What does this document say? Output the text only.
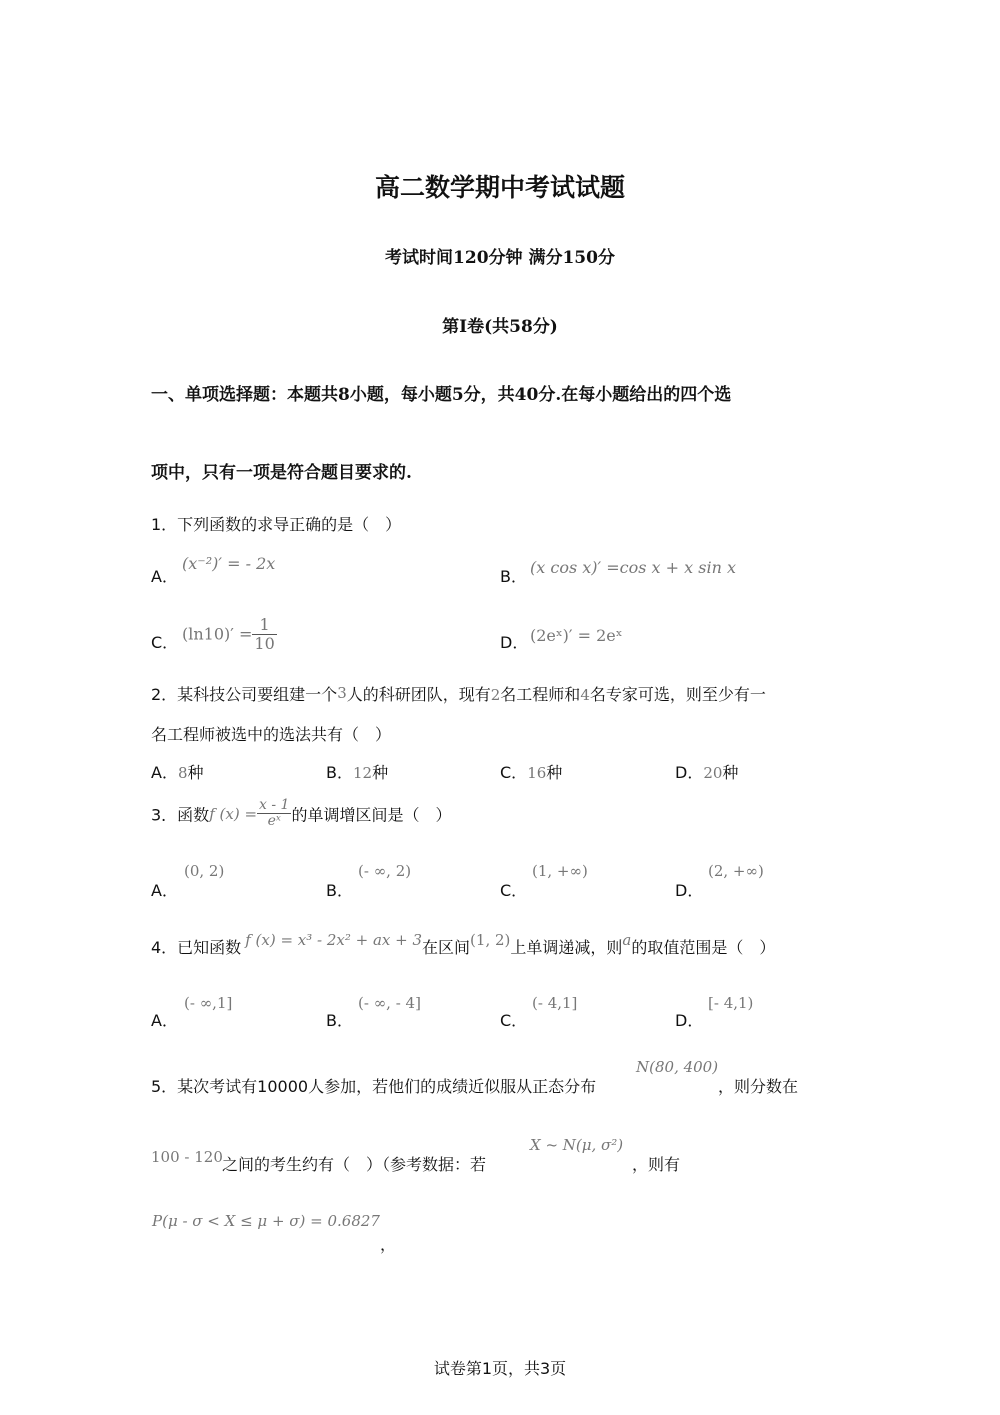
高二数学期中考试试题
考试时间120分钟 满分150分
第I卷(共58分)
一、单项选择题：本题共8小题，每小题5分，共40分.在每小题给出的四个选
项中，只有一项是符合题目要求的.
1．下列函数的求导正确的是（　）
A．
(x⁻²)′ = - 2x
B． (x cos x)′ =cos x + x sin x
C． $(\ln 10)' = \frac{1}{10}$	D． (2eˣ)′ = 2eˣ
2．某科技公司要组建一个3人的科研团队，现有2名工程师和4名专家可选，则至少有一
名工程师被选中的选法共有（　）
A．8种	B．12种	C．16种	D．20种
3．函数f $(x) = \frac{x - 1}{\text{eˣ}}$ 的单调增区间是（　）
A．
(0, 2)
B．
(- ∞, 2)
C．
(1, +∞)
D．
(2, +∞)
4．已知函数 f (x) = x³ - 2x² + ax + 3在区间(1, 2)上单调递减，则a的取值范围是（　）
A．
(- ∞,1]
B．
(- ∞, - 4]
C．
(- 4,1]
D．
[- 4,1)
5．某次考试有10000人参加，若他们的成绩近似服从正态分布
N(80, 400)
，则分数在
100 - 120 之间的考生约有（　）（参考数据：若
X ~ N(μ, σ²)
，则有
P(μ - σ < X ≤ μ + σ) = 0.6827
，
试卷第1页，共3页
